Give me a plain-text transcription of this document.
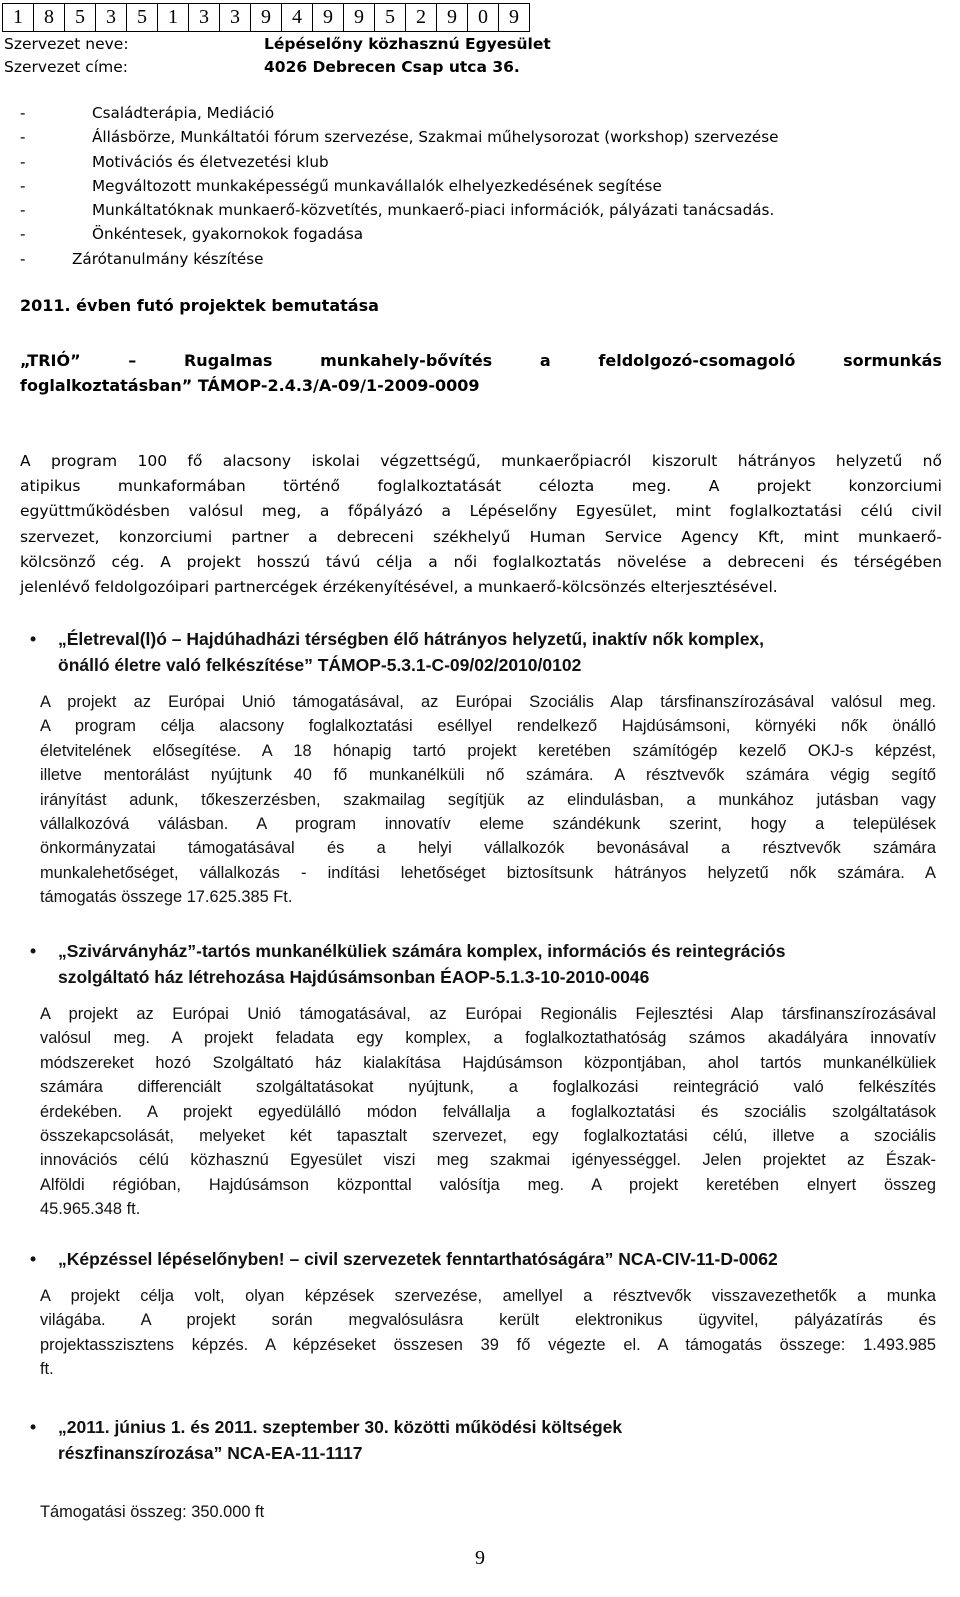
1	8	5	3	5	1	3	3	9	4	9	9	5	2	9	0	9
Szervezet neve:	Lépéselőny közhasznú Egyesület
Szervezet címe:	4026 Debrecen Csap utca 36.
-	Családterápia, Mediáció
-	Állásbörze, Munkáltatói fórum szervezése, Szakmai műhelysorozat (workshop) szervezése
-	Motivációs és életvezetési klub
-	Megváltozott munkaképességű munkavállalók elhelyezkedésének segítése
-	Munkáltatóknak munkaerő-közvetítés, munkaerő-piaci információk, pályázati tanácsadás.
-	Önkéntesek, gyakornokok fogadása
-	Zárótanulmány készítése
2011. évben futó projektek bemutatása
„TRIÓ”	–	Rugalmas	munkahely-bővítés	a	feldolgozó-csomagoló	sormunkás
foglalkoztatásban” TÁMOP-2.4.3/A-09/1-2009-0009
A program 100 fő alacsony iskolai végzettségű, munkaerőpiacról kiszorult hátrányos helyzetű nő
atipikus munkaformában történő foglalkoztatását célozta meg. A projekt konzorciumi
együttműködésben valósul meg, a főpályázó a Lépéselőny Egyesület, mint foglalkoztatási célú civil
szervezet, konzorciumi partner a debreceni székhelyű Human Service Agency Kft, mint munkaerő-
kölcsönző cég. A projekt hosszú távú célja a női foglalkoztatás növelése a debreceni és térségében
jelenlévő feldolgozóipari partnercégek érzékenyítésével, a munkaerő-kölcsönzés elterjesztésével.
• „Életreval(l)ó – Hajdúhadházi térségben élő hátrányos helyzetű, inaktív nők komplex,
önálló életre való felkészítése” TÁMOP-5.3.1-C-09/02/2010/0102
A projekt az Európai Unió támogatásával, az Európai Szociális Alap társfinanszírozásával valósul meg.
A program célja alacsony foglalkoztatási eséllyel rendelkező Hajdúsámsoni, környéki nők önálló
életvitelének elősegítése. A 18 hónapig tartó projekt keretében számítógép kezelő OKJ-s képzést,
illetve mentorálást nyújtunk 40 fő munkanélküli nő számára. A résztvevők számára végig segítő
irányítást adunk, tőkeszerzésben, szakmailag segítjük az elindulásban, a munkához jutásban vagy
vállalkozóvá válásban. A program innovatív eleme szándékunk szerint, hogy a települések
önkormányzatai támogatásával és a helyi vállalkozók bevonásával a résztvevők számára
munkalehetőséget, vállalkozás - indítási lehetőséget biztosítsunk hátrányos helyzetű nők számára. A
támogatás összege 17.625.385 Ft.
• „Szivárványház”-tartós munkanélküliek számára komplex, információs és reintegrációs
szolgáltató ház létrehozása Hajdúsámsonban ÉAOP-5.1.3-10-2010-0046
A projekt az Európai Unió támogatásával, az Európai Regionális Fejlesztési Alap társfinanszírozásával
valósul meg. A projekt feladata egy komplex, a foglalkoztathatóság számos akadályára innovatív
módszereket hozó Szolgáltató ház kialakítása Hajdúsámson központjában, ahol tartós munkanélküliek
számára differenciált szolgáltatásokat nyújtunk, a foglalkozási reintegráció való felkészítés
érdekében. A projekt egyedülálló módon felvállalja a foglalkoztatási és szociális szolgáltatások
összekapcsolását, melyeket két tapasztalt szervezet, egy foglalkoztatási célú, illetve a szociális
innovációs célú közhasznú Egyesület viszi meg szakmai igényességgel. Jelen projektet az Észak-
Alföldi régióban, Hajdúsámson központtal valósítja meg. A projekt keretében elnyert összeg
45.965.348 ft.
• „Képzéssel lépéselőnyben! – civil szervezetek fenntarthatóságára” NCA-CIV-11-D-0062
A projekt célja volt, olyan képzések szervezése, amellyel a résztvevők visszavezethetők a munka
világába. A projekt során megvalósulásra került elektronikus ügyvitel, pályázatírás és
projektasszisztens képzés. A képzéseket összesen 39 fő végezte el. A támogatás összege: 1.493.985
ft.
• „2011. június 1. és 2011. szeptember 30. közötti működési költségek
részfinanszírozása” NCA-EA-11-1117
Támogatási összeg: 350.000 ft
9
